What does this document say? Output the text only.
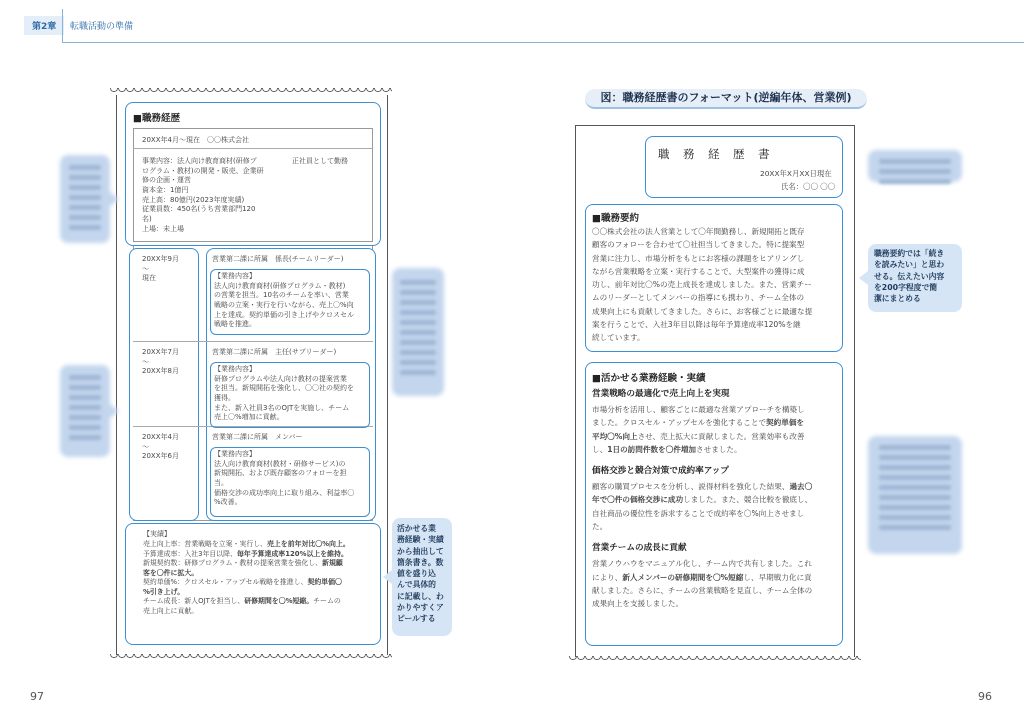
第2章	転職活動の準備
■職務経歴
20XX年4月～現在　〇〇株式会社
事業内容：法人向け教育商材(研修プ
ログラム・教材)の開発・販売、企業研
修の企画・運営
資本金：1億円
売上高：80億円(2023年度実績)
従業員数：450名(うち営業部門120
名)
上場：未上場
正社員として勤務
20XX年9月
～
現在
営業第二課に所属　係長(チームリーダー)
【業務内容】
法人向け教育商材(研修プログラム・教材)
の営業を担当。10名のチームを率い、営業
戦略の立案・実行を行いながら、売上〇%向
上を達成。契約単価の引き上げやクロスセル
戦略を推進。
20XX年7月
～
20XX年8月
営業第二課に所属　主任(サブリーダー)
【業務内容】
研修プログラムや法人向け教材の提案営業
を担当。新規開拓を強化し、〇〇社の契約を
獲得。
また、新入社員3名のOJTを実施し、チーム
売上〇%増加に貢献。
20XX年4月
～
20XX年6月
営業第二課に所属　メンバー
【業務内容】
法人向け教育商材(教材・研修サービス)の
新規開拓、および既存顧客のフォローを担
当。
価格交渉の成功率向上に取り組み、利益率〇
%改善。
【実績】
売上向上率：営業戦略を立案・実行し、売上を前年対比〇%向上。
予算達成率：入社3年目以降、毎年予算達成率120%以上を維持。
新規契約数：研修プログラム・教材の提案営業を強化し、新規顧
客を〇件に拡大。
契約単価%：クロスセル・アップセル戦略を推進し、契約単価〇
%引き上げ。
チーム成長：新人OJTを担当し、研修期間を〇%短縮。チームの
売上向上に貢献。
活かせる業
務経験・実績
から抽出して
箇条書き。数
値を盛り込
んで具体的
に記載し、わ
かりやすくア
ピールする
97
図：職務経歴書のフォーマット(逆編年体、営業例)
職　務　経　歴　書
20XX年X月XX日現在
氏名：〇〇 〇〇
■職務要約
〇〇株式会社の法人営業として〇年間勤務し、新規開拓と既存
顧客のフォローを合わせて〇社担当してきました。特に提案型
営業に注力し、市場分析をもとにお客様の課題をヒアリングし
ながら営業戦略を立案・実行することで、大型案件の獲得に成
功し、前年対比〇%の売上成長を達成しました。また、営業チー
ムのリーダーとしてメンバーの指導にも携わり、チーム全体の
成果向上にも貢献してきました。さらに、お客様ごとに最適な提
案を行うことで、入社3年目以降は毎年予算達成率120%を継
続しています。
■活かせる業務経験・実績
営業戦略の最適化で売上向上を実現
市場分析を活用し、顧客ごとに最適な営業アプローチを構築し
ました。クロスセル・アップセルを強化することで契約単価を
平均〇%向上させ、売上拡大に貢献しました。営業効率も改善
し、1日の訪問件数を〇件増加させました。
価格交渉と競合対策で成約率アップ
顧客の購買プロセスを分析し、説得材料を強化した結果、過去〇
年で〇件の価格交渉に成功しました。また、競合比較を徹底し、
自社商品の優位性を訴求することで成約率を〇%向上させまし
た。
営業チームの成長に貢献
営業ノウハウをマニュアル化し、チーム内で共有しました。これ
により、新人メンバーの研修期間を〇%短縮し、早期戦力化に貢
献しました。さらに、チームの営業戦略を見直し、チーム全体の
成果向上を支援しました。
職務要約では「続き
を読みたい」と思わ
せる。伝えたい内容
を200字程度で簡
潔にまとめる
96
